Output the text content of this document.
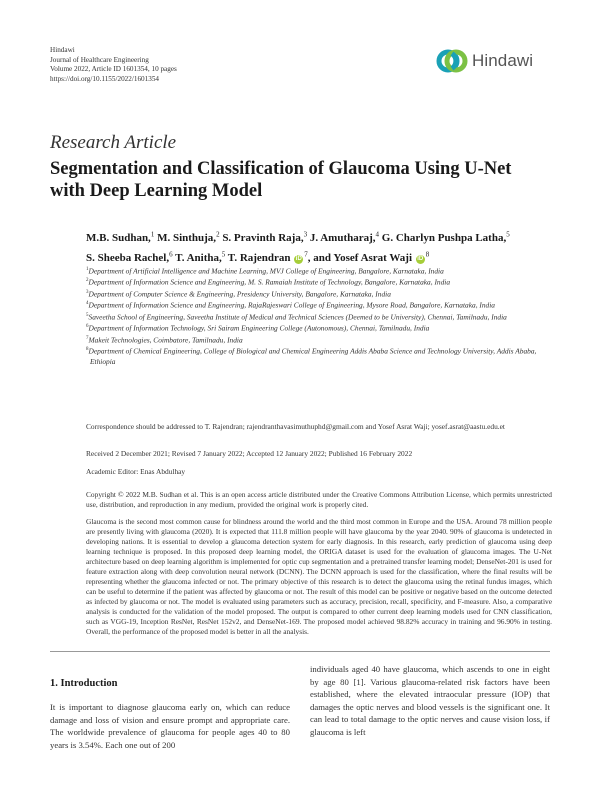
Hindawi
Journal of Healthcare Engineering
Volume 2022, Article ID 1601354, 10 pages
https://doi.org/10.1155/2022/1601354
Hindawi
Research Article
Segmentation and Classification of Glaucoma Using U-Net with Deep Learning Model
M.B. Sudhan,$^1$ M. Sinthuja,$^2$ S. Pravinth Raja,$^3$ J. Amutharaj,$^4$ G. Charlyn Pushpa Latha,$^5$
S. Sheeba Rachel,$^6$ T. Anitha,$^5$ T. Rajendran $iD^7$, and Yosef Asrat Waji $iD^8$
$^1$Department of Artificial Intelligence and Machine Learning, MVJ College of Engineering, Bangalore, Karnataka, India
$^2$Department of Information Science and Engineering, M. S. Ramaiah Institute of Technology, Bangalore, Karnataka, India
$^3$Department of Computer Science & Engineering, Presidency University, Bangalore, Karnataka, India
$^4$Department of Information Science and Engineering, RajaRajeswari College of Engineering, Mysore Road, Bangalore, Karnataka, India
$^5$Saveetha School of Engineering, Saveetha Institute of Medical and Technical Sciences (Deemed to be University), Chennai, Tamilnadu, India
$^6$Department of Information Technology, Sri Sairam Engineering College (Autonomous), Chennai, Tamilnadu, India
$^7$Makeit Technologies, Coimbatore, Tamilnadu, India
$^8$Department of Chemical Engineering, College of Biological and Chemical Engineering Addis Ababa Science and Technology University, Addis Ababa, Ethiopia
Correspondence should be addressed to T. Rajendran; rajendranthavasimuthuphd@gmail.com and Yosef Asrat Waji; yosef.asrat@aastu.edu.et
Received 2 December 2021; Revised 7 January 2022; Accepted 12 January 2022; Published 16 February 2022
Academic Editor: Enas Abdulhay
Copyright © 2022 M.B. Sudhan et al. This is an open access article distributed under the Creative Commons Attribution License, which permits unrestricted use, distribution, and reproduction in any medium, provided the original work is properly cited.
Glaucoma is the second most common cause for blindness around the world and the third most common in Europe and the USA. Around 78 million people are presently living with glaucoma (2020). It is expected that 111.8 million people will have glaucoma by the year 2040. 90% of glaucoma is undetected in developing nations. It is essential to develop a glaucoma detection system for early diagnosis. In this research, early prediction of glaucoma using deep learning technique is proposed. In this proposed deep learning model, the ORIGA dataset is used for the evaluation of glaucoma images. The U-Net architecture based on deep learning algorithm is implemented for optic cup segmentation and a pretrained transfer learning model; DenseNet-201 is used for feature extraction along with deep convolution neural network (DCNN). The DCNN approach is used for the classification, where the final results will be representing whether the glaucoma infected or not. The primary objective of this research is to detect the glaucoma using the retinal fundus images, which can be useful to determine if the patient was affected by glaucoma or not. The result of this model can be positive or negative based on the outcome detected as infected by glaucoma or not. The model is evaluated using parameters such as accuracy, precision, recall, specificity, and F-measure. Also, a comparative analysis is conducted for the validation of the model proposed. The output is compared to other current deep learning models used for CNN classification, such as VGG-19, Inception ResNet, ResNet 152v2, and DenseNet-169. The proposed model achieved 98.82% accuracy in training and 96.90% in testing. Overall, the performance of the proposed model is better in all the analysis.
1. Introduction
It is important to diagnose glaucoma early on, which can reduce damage and loss of vision and ensure prompt and appropriate care. The worldwide prevalence of glaucoma for people ages 40 to 80 years is 3.54%. Each one out of 200
individuals aged 40 have glaucoma, which ascends to one in eight by age 80 [1]. Various glaucoma-related risk factors have been established, where the elevated intraocular pressure (IOP) that damages the optic nerves and blood vessels is the significant one. It can lead to total damage to the optic nerves and cause vision loss, if glaucoma is left
